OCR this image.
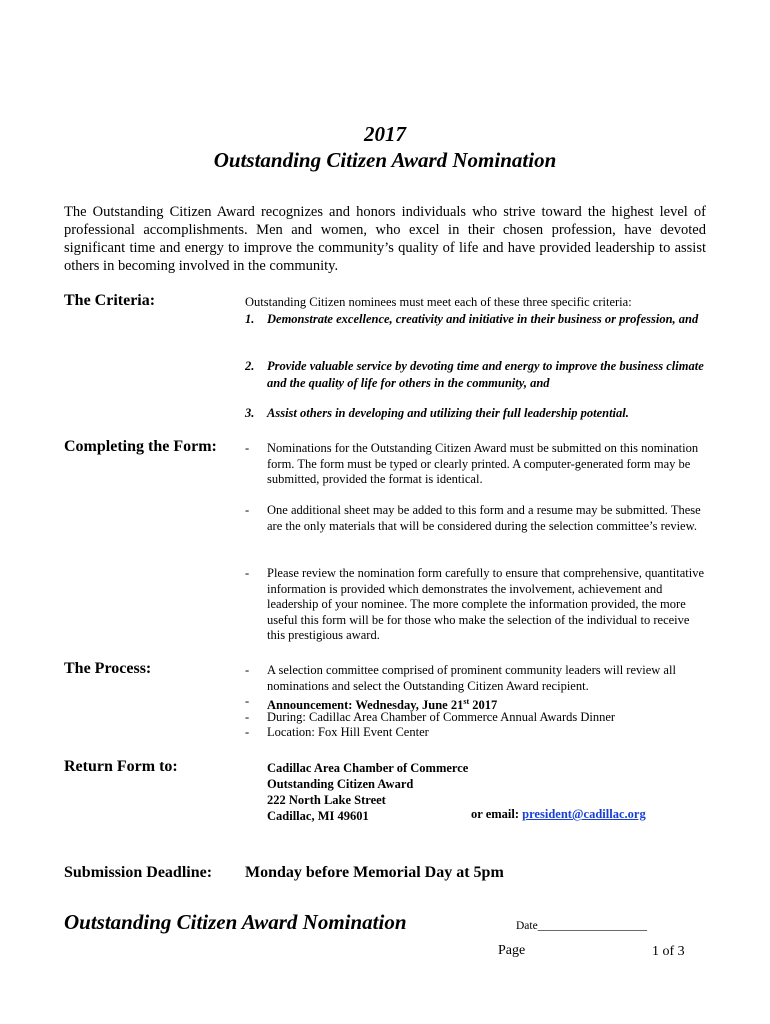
2017
Outstanding Citizen Award Nomination
The Outstanding Citizen Award recognizes and honors individuals who strive toward the highest level of professional accomplishments. Men and women, who excel in their chosen profession, have devoted significant time and energy to improve the community’s quality of life and have provided leadership to assist others in becoming involved in the community.
The Criteria:	Outstanding Citizen nominees must meet each of these three specific criteria:
1.	Demonstrate excellence, creativity and initiative in their business or profession, and
2.	Provide valuable service by devoting time and energy to improve the business climate and the quality of life for others in the community, and
3.	Assist others in developing and utilizing their full leadership potential.
Completing the Form: -	Nominations for the Outstanding Citizen Award must be submitted on this nomination form. The form must be typed or clearly printed. A computer-generated form may be submitted, provided the format is identical.
-	One additional sheet may be added to this form and a resume may be submitted. These are the only materials that will be considered during the selection committee’s review.
-	Please review the nomination form carefully to ensure that comprehensive, quantitative information is provided which demonstrates the involvement, achievement and leadership of your nominee. The more complete the information provided, the more useful this form will be for those who make the selection of the individual to receive this prestigious award.
The Process:	-	A selection committee comprised of prominent community leaders will review all nominations and select the Outstanding Citizen Award recipient.
-	Announcement: Wednesday, June 21st 2017
-	During: Cadillac Area Chamber of Commerce Annual Awards Dinner
-	Location: Fox Hill Event Center
Return Form to:	Cadillac Area Chamber of Commerce
Outstanding Citizen Award
222 North Lake Street
Cadillac, MI 49601	or email: president@cadillac.org
Submission Deadline: Monday before Memorial Day at 5pm
Outstanding Citizen Award Nomination	Date___________________
Page	1 of 3
